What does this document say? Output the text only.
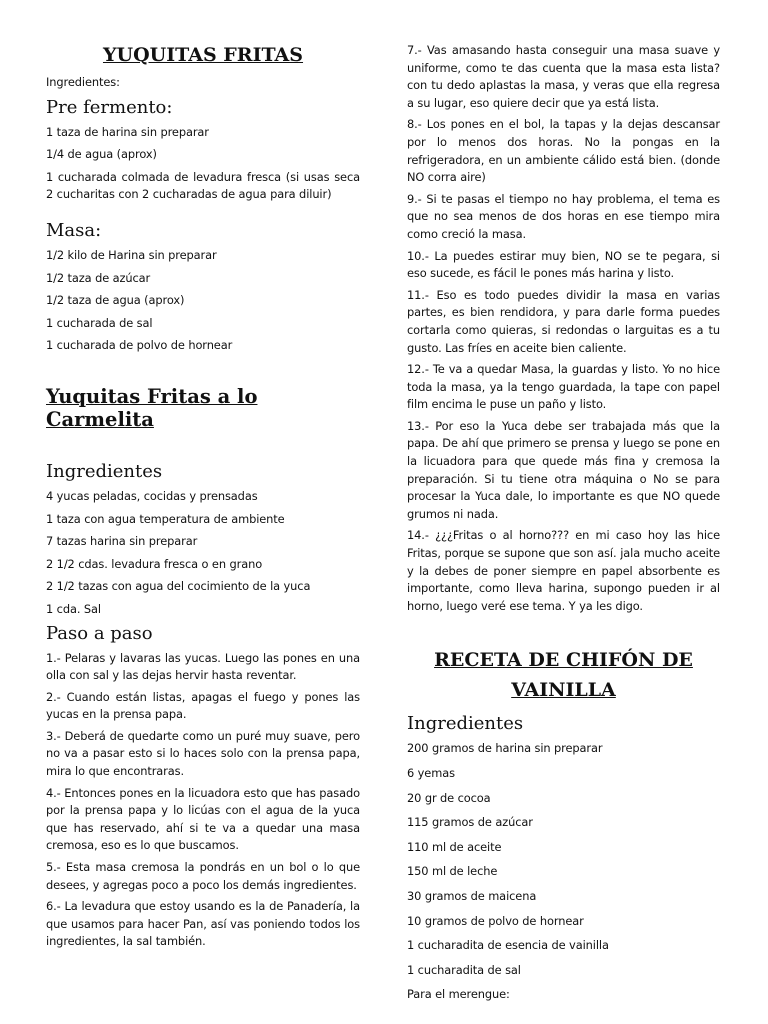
YUQUITAS FRITAS

Ingredientes:

Pre fermento:

1 taza de harina sin preparar

1/4 de agua (aprox)

1 cucharada colmada de levadura fresca (si usas seca 2 cucharitas con 2 cucharadas de agua para diluir)

Masa:

1/2 kilo de Harina sin preparar

1/2 taza de azúcar

1/2 taza de agua (aprox)

1 cucharada de sal

1 cucharada de polvo de hornear

Yuquitas Fritas a lo Carmelita
Ingredientes

4 yucas peladas, cocidas y prensadas

1 taza con agua temperatura de ambiente

7 tazas harina sin preparar

2 1/2 cdas. levadura fresca o en grano

2 1/2 tazas con agua del cocimiento de la yuca

1 cda. Sal

Paso a paso

1.- Pelaras y lavaras las yucas. Luego las pones en una olla con sal y las dejas hervir hasta reventar.

2.- Cuando están listas, apagas el fuego y pones las yucas en la prensa papa.

3.- Deberá de quedarte como un puré muy suave, pero no va a pasar esto si lo haces solo con la prensa papa, mira lo que encontraras.

4.- Entonces pones en la licuadora esto que has pasado por la prensa papa y lo licúas con el agua de la yuca que has reservado, ahí si te va a quedar una masa cremosa, eso es lo que buscamos.

5.- Esta masa cremosa la pondrás en un bol o lo que desees, y agregas poco a poco los demás ingredientes.

6.- La levadura que estoy usando es la de Panadería, la que usamos para hacer Pan, así vas poniendo todos los ingredientes, la sal también.

7.- Vas amasando hasta conseguir una masa suave y uniforme, como te das cuenta que la masa esta lista? con tu dedo aplastas la masa, y veras que ella regresa a su lugar, eso quiere decir que ya está lista.

8.- Los pones en el bol, la tapas y la dejas descansar por lo menos dos horas. No la pongas en la refrigeradora, en un ambiente cálido está bien. (donde NO corra aire)

9.- Si te pasas el tiempo no hay problema, el tema es que no sea menos de dos horas en ese tiempo mira como creció la masa.

10.- La puedes estirar muy bien, NO se te pegara, si eso sucede, es fácil le pones más harina y listo.

11.- Eso es todo puedes dividir la masa en varias partes, es bien rendidora, y para darle forma puedes cortarla como quieras, si redondas o larguitas es a tu gusto. Las fríes en aceite bien caliente.

12.- Te va a quedar Masa, la guardas y listo. Yo no hice toda la masa, ya la tengo guardada, la tape con papel film encima le puse un paño y listo.

13.- Por eso la Yuca debe ser trabajada más que la papa. De ahí que primero se prensa y luego se pone en la licuadora para que quede más fina y cremosa la preparación. Si tu tiene otra máquina o No se para procesar la Yuca dale, lo importante es que NO quede grumos ni nada.

14.- ¿¿¿Fritas o al horno??? en mi caso hoy las hice Fritas, porque se supone que son así. jala mucho aceite y la debes de poner siempre en papel absorbente es importante, como lleva harina, supongo pueden ir al horno, luego veré ese tema. Y ya les digo.

RECETA DE CHIFÓN DE
VAINILLA
Ingredientes

200 gramos de harina sin preparar

6 yemas

20 gr de cocoa

115 gramos de azúcar

110 ml de aceite

150 ml de leche

30 gramos de maicena

10 gramos de polvo de hornear

1 cucharadita de esencia de vainilla

1 cucharadita de sal

Para el merengue:
